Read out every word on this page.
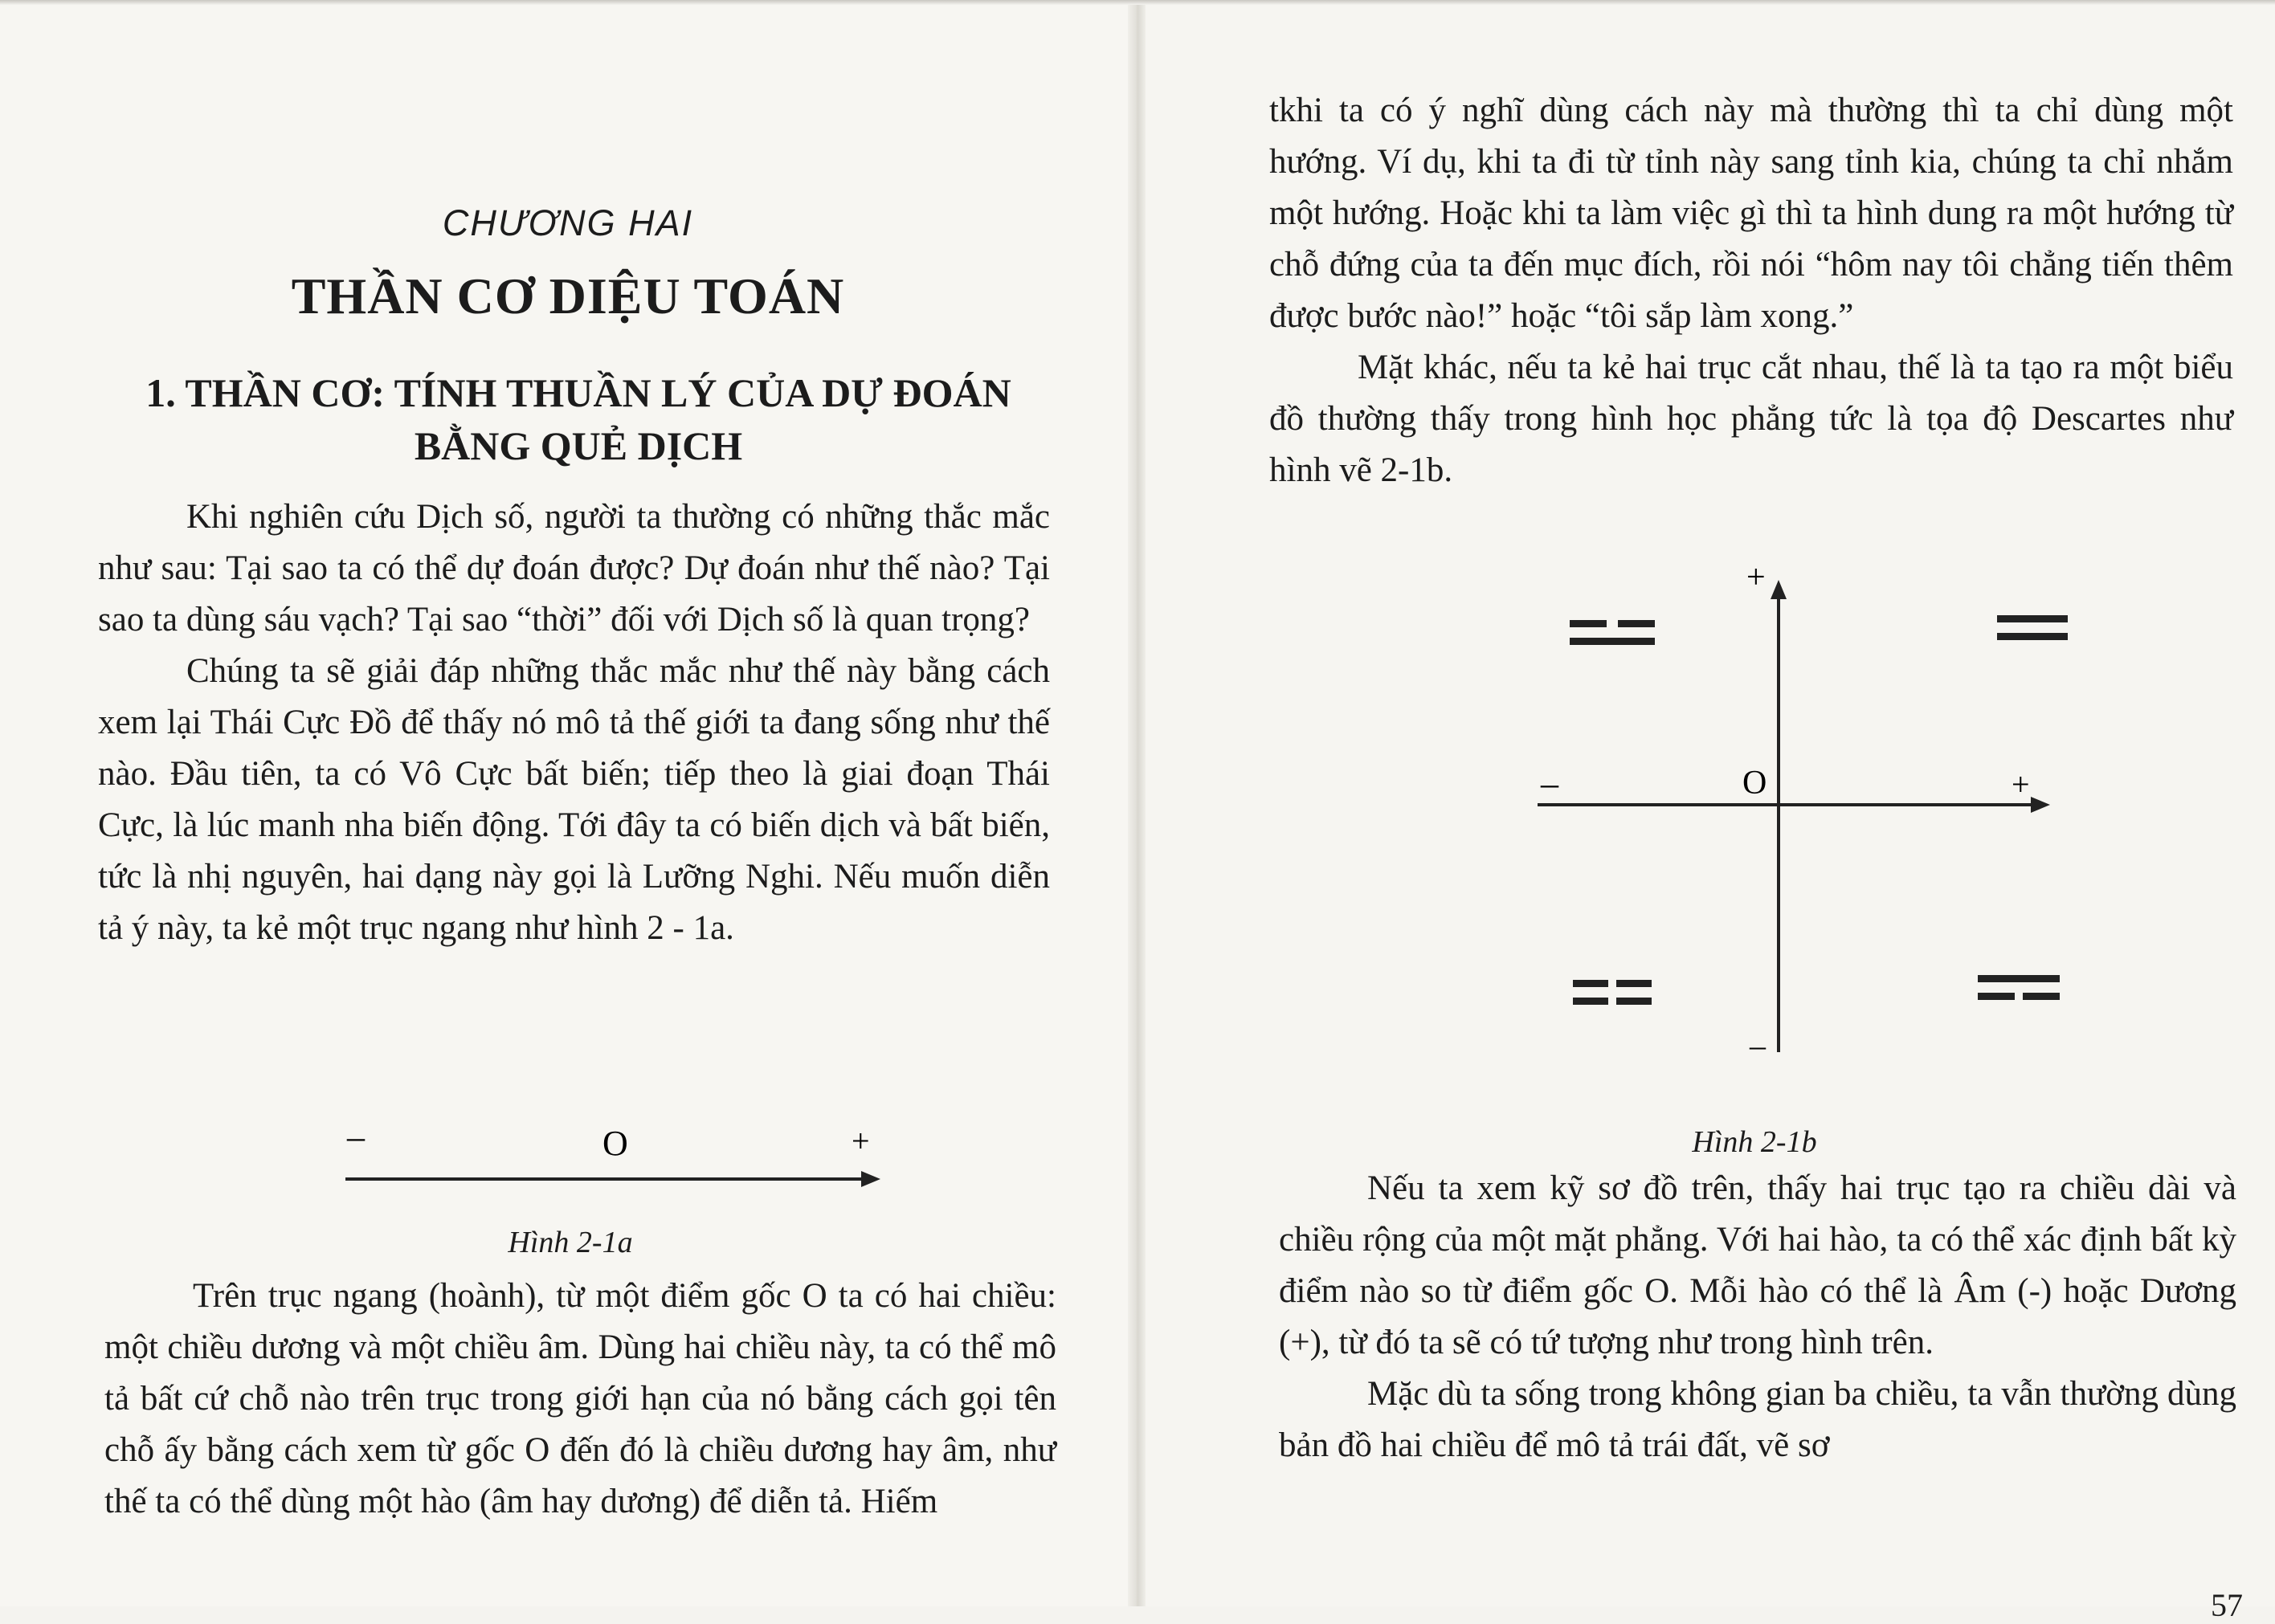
CHƯƠNG HAI
THẦN CƠ DIỆU TOÁN
1. THẦN CƠ: TÍNH THUẦN LÝ CỦA DỰ ĐOÁN
BẰNG QUẺ DỊCH

Khi nghiên cứu Dịch số, người ta thường có những thắc mắc như sau: Tại sao ta có thể dự đoán được? Dự đoán như thế nào? Tại sao ta dùng sáu vạch? Tại sao “thời” đối với Dịch số là quan trọng?

Chúng ta sẽ giải đáp những thắc mắc như thế này bằng cách xem lại Thái Cực Đồ để thấy nó mô tả thế giới ta đang sống như thế nào. Đầu tiên, ta có Vô Cực bất biến; tiếp theo là giai đoạn Thái Cực, là lúc manh nha biến động. Tới đây ta có biến dịch và bất biến, tức là nhị nguyên, hai dạng này gọi là Lưỡng Nghi. Nếu muốn diễn tả ý này, ta kẻ một trục ngang như hình 2 - 1a.

–	O	+
Hình 2-1a

Trên trục ngang (hoành), từ một điểm gốc O ta có hai chiều: một chiều dương và một chiều âm. Dùng hai chiều này, ta có thể mô tả bất cứ chỗ nào trên trục trong giới hạn của nó bằng cách gọi tên chỗ ấy bằng cách xem từ gốc O đến đó là chiều dương hay âm, như thế ta có thể dùng một hào (âm hay dương) để diễn tả. Hiếm

tkhi ta có ý nghĩ dùng cách này mà thường thì ta chỉ dùng một hướng. Ví dụ, khi ta đi từ tỉnh này sang tỉnh kia, chúng ta chỉ nhắm một hướng. Hoặc khi ta làm việc gì thì ta hình dung ra một hướng từ chỗ đứng của ta đến mục đích, rồi nói “hôm nay tôi chẳng tiến thêm được bước nào!” hoặc “tôi sắp làm xong.”

Mặt khác, nếu ta kẻ hai trục cắt nhau, thế là ta tạo ra một biểu đồ thường thấy trong hình học phẳng tức là tọa độ Descartes như hình vẽ 2-1b.

+
–	O	+
–
Hình 2-1b

Nếu ta xem kỹ sơ đồ trên, thấy hai trục tạo ra chiều dài và chiều rộng của một mặt phẳng. Với hai hào, ta có thể xác định bất kỳ điểm nào so từ điểm gốc O. Mỗi hào có thể là Âm (-) hoặc Dương (+), từ đó ta sẽ có tứ tượng như trong hình trên.

Mặc dù ta sống trong không gian ba chiều, ta vẫn thường dùng bản đồ hai chiều để mô tả trái đất, vẽ sơ

57
